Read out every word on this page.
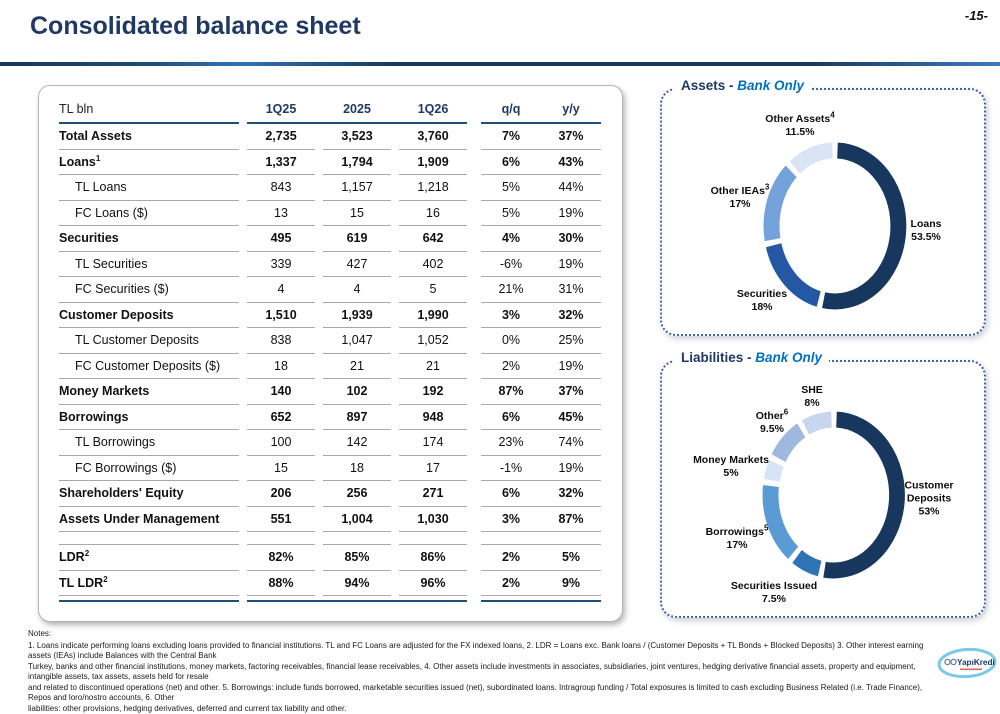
Consolidated balance sheet	-15-
TL bln	1Q25	2025	1Q26	q/q	y/y
Total Assets	2,735	3,523	3,760	7%	37%
Loans$^1$	1,337	1,794	1,909	6%	43%
TL Loans	843	1,157	1,218	5%	44%
FC Loans ($)	13	15	16	5%	19%
Securities	495	619	642	4%	30%
TL Securities	339	427	402	-6%	19%
FC Securities ($)	4	4	5	21%	31%
Customer Deposits	1,510	1,939	1,990	3%	32%
TL Customer Deposits	838	1,047	1,052	0%	25%
FC Customer Deposits ($)	18	21	21	2%	19%
Money Markets	140	102	192	87%	37%
Borrowings	652	897	948	6%	45%
TL Borrowings	100	142	174	23%	74%
FC Borrowings ($)	15	18	17	-1%	19%
Shareholders' Equity	206	256	271	6%	32%
Assets Under Management	551	1,004	1,030	3%	87%
LDR$^2$	82%	85%	86%	2%	5%
TL LDR$^2$	88%	94%	96%	2%	9%
Assets - Bank Only
Loans
53.5%
Securities
18%
Other IEAs$^3$
17%
Other Assets$^4$
11.5%
Liabilities - Bank Only
Customer Deposits
53%
Securities Issued
7.5%
Borrowings$^5$
17%
Money Markets
5%
Other$^6$
9.5%
SHE
8%
Notes:
1. Loans indicate performing loans excluding loans provided to financial institutions. TL and FC Loans are adjusted for the FX indexed loans, 2. LDR = Loans exc. Bank loans / (Customer Deposits + TL Bonds + Blocked Deposits) 3. Other interest earning assets (IEAs) include Balances with the Central Bank
Turkey, banks and other financial institutions, money markets, factoring receivables, financial lease receivables, 4. Other assets include investments in associates, subsidiaries, joint ventures, hedging derivative financial assets, property and equipment, intangible assets, tax assets, assets held for resale
and related to discontinued operations (net) and other. 5. Borrowings: include funds borrowed, marketable securities issued (net), subordinated loans. Intragroup funding / Total exposures is limited to cash excluding Business Related (i.e. Trade Finance), Repos and loro/nostro accounts, 6. Other
liabilities: other provisions, hedging derivatives, deferred and current tax liability and other.
YapıKredi
